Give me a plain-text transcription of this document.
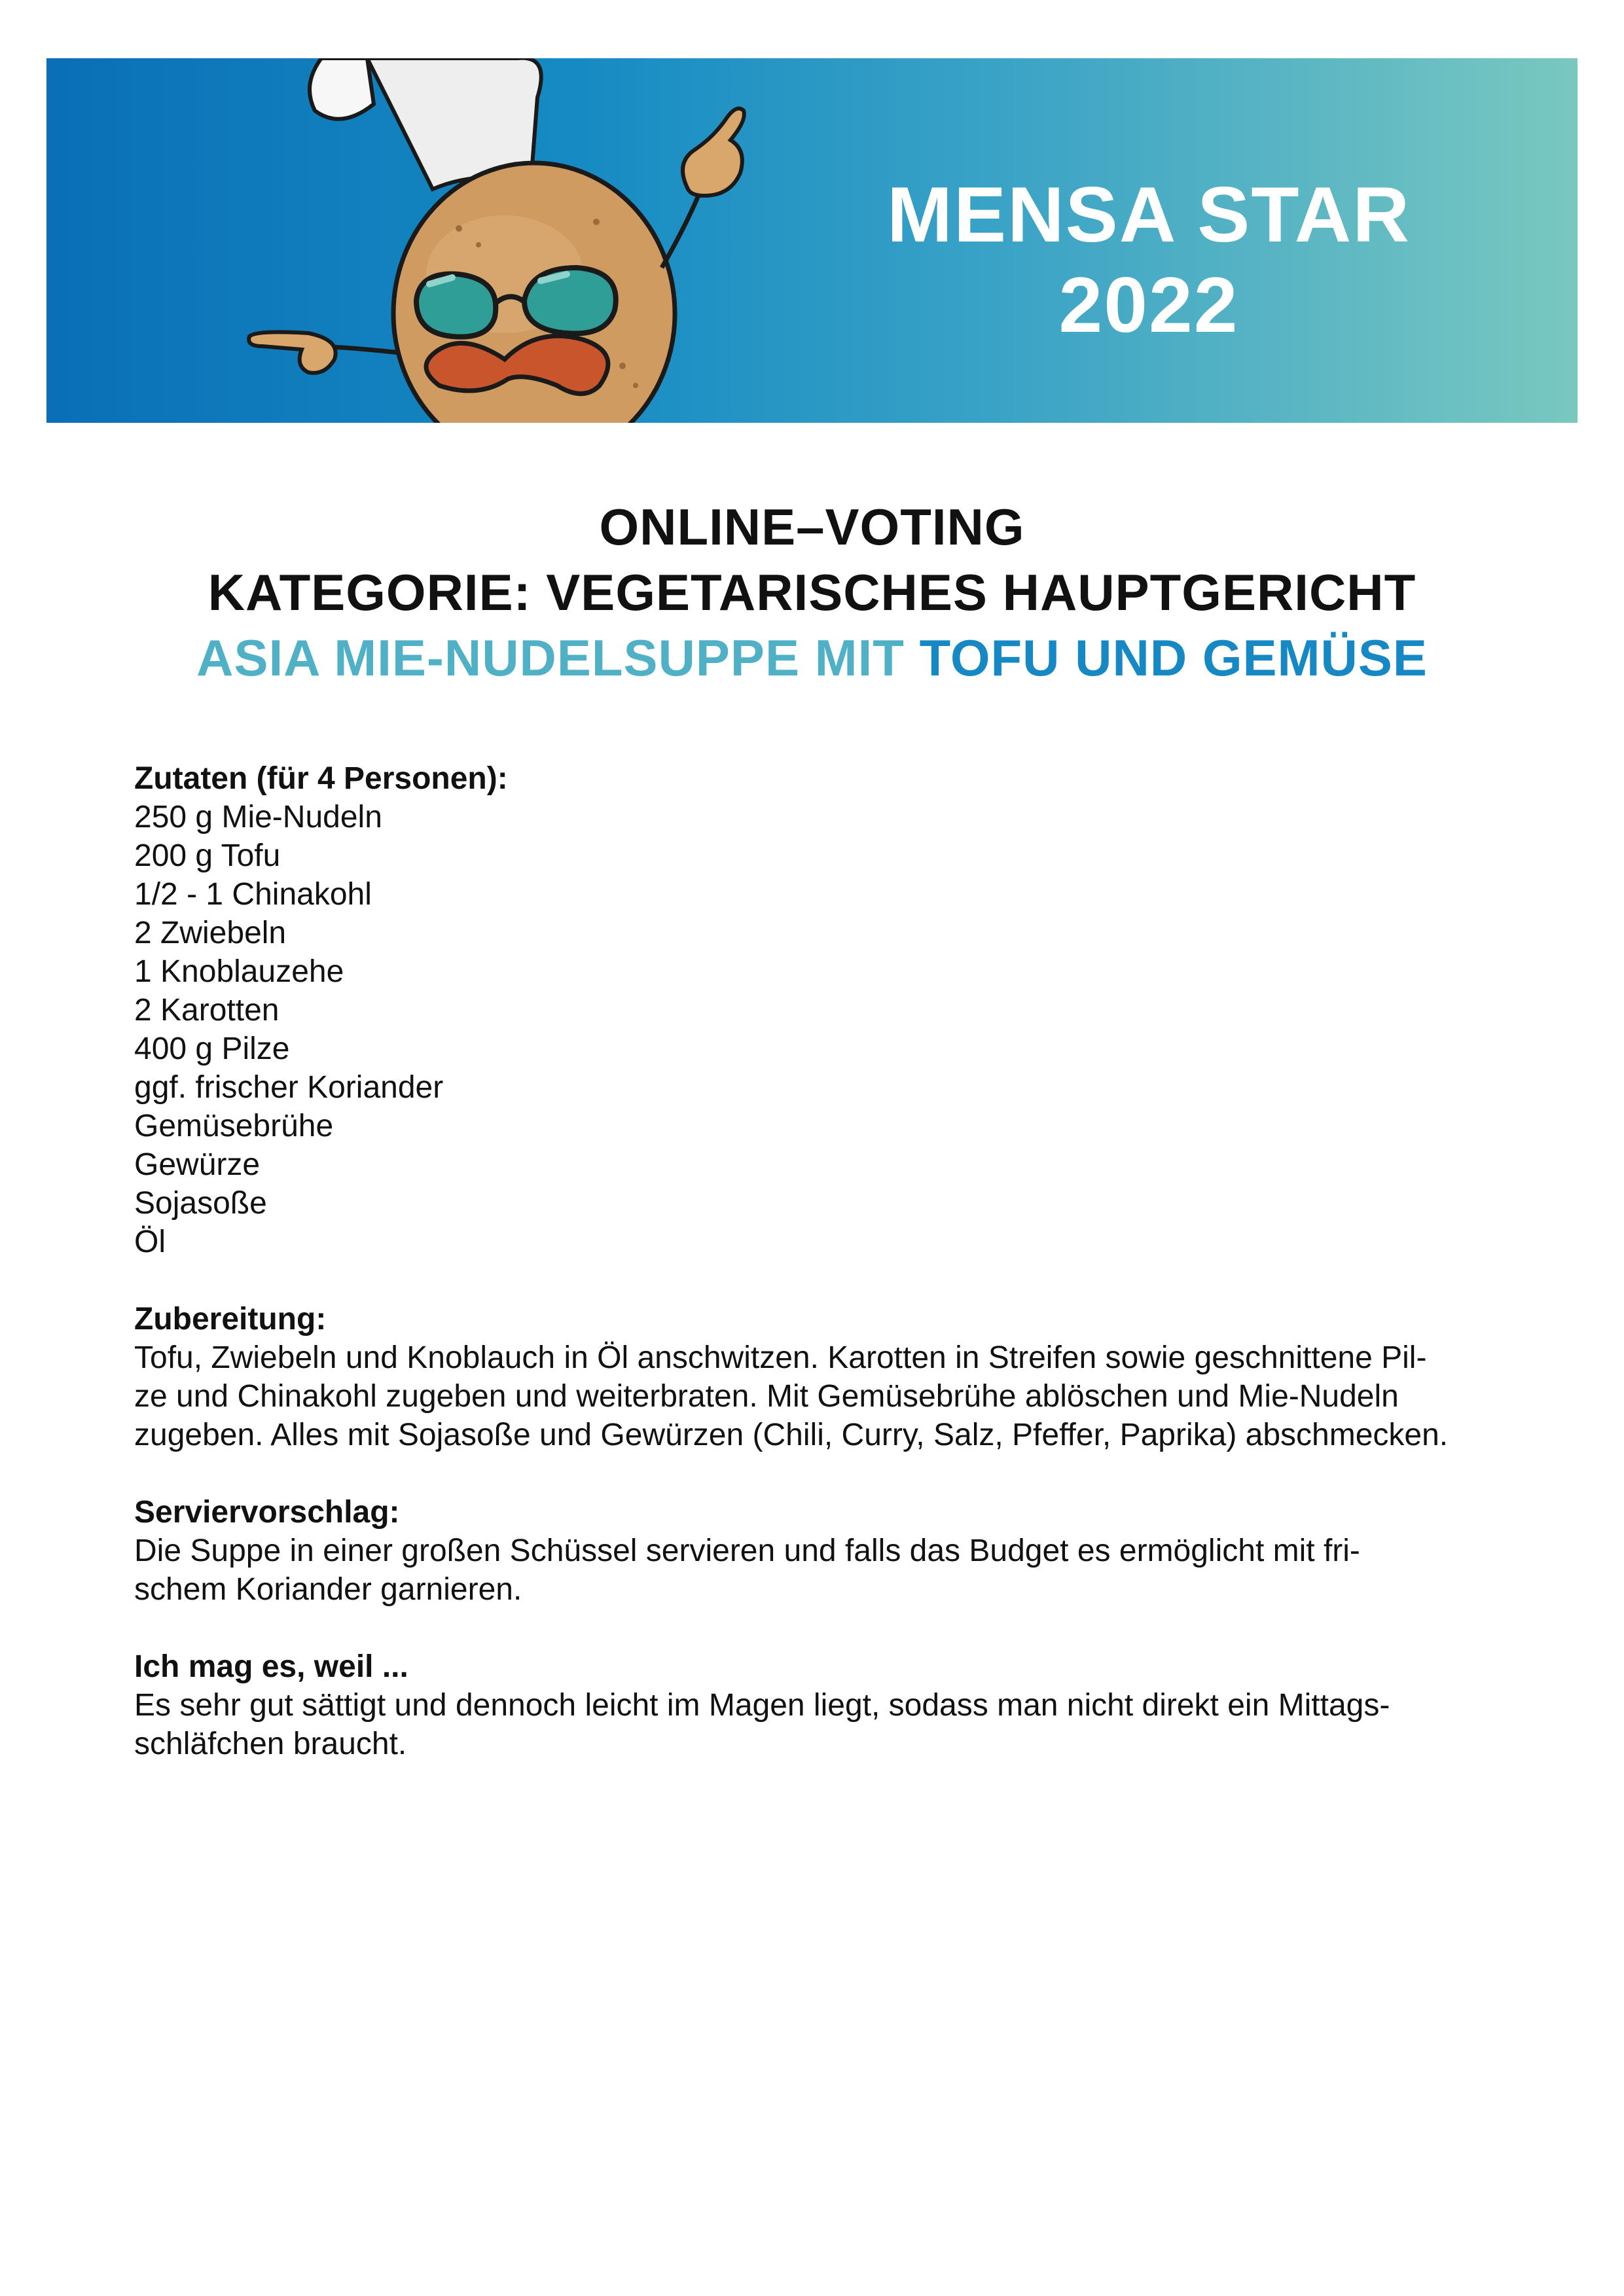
MENSA STAR
2022
ONLINE–VOTING
KATEGORIE: VEGETARISCHES HAUPTGERICHT
ASIA MIE-NUDELSUPPE MIT TOFU UND GEMÜSE

Zutaten (für 4 Personen):

250 g Mie-Nudeln

200 g Tofu

1/2 - 1 Chinakohl

2 Zwiebeln

1 Knoblauzehe

2 Karotten

400 g Pilze

ggf. frischer Koriander

Gemüsebrühe

Gewürze

Sojasoße

Öl

Zubereitung:

Tofu, Zwiebeln und Knoblauch in Öl anschwitzen. Karotten in Streifen sowie geschnittene Pil-

ze und Chinakohl zugeben und weiterbraten. Mit Gemüsebrühe ablöschen und Mie-Nudeln

zugeben. Alles mit Sojasoße und Gewürzen (Chili, Curry, Salz, Pfeffer, Paprika) abschmecken.

Serviervorschlag:

Die Suppe in einer großen Schüssel servieren und falls das Budget es ermöglicht mit fri-

schem Koriander garnieren.

Ich mag es, weil ...

Es sehr gut sättigt und dennoch leicht im Magen liegt, sodass man nicht direkt ein Mittags-

schläfchen braucht.
